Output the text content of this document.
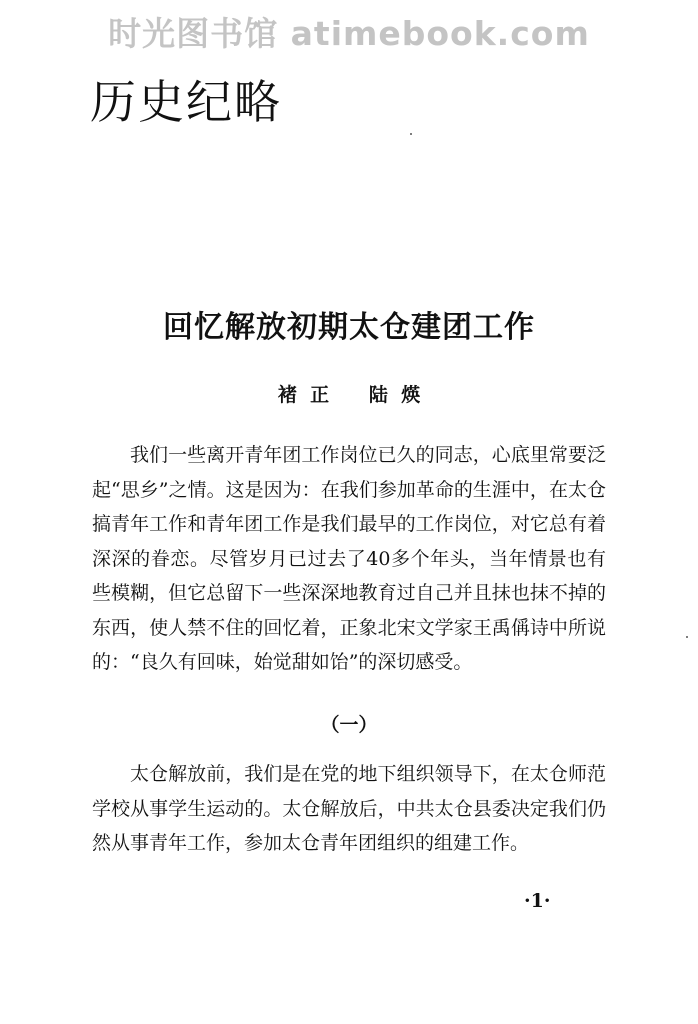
时光图书馆 atimebook.com
历史纪略
回忆解放初期太仓建团工作
褚  正      陆  煐

我们一些离开青年团工作岗位已久的同志，心底里常要泛起“思乡”之情。这是因为：在我们参加革命的生涯中，在太仓搞青年工作和青年团工作是我们最早的工作岗位，对它总有着深深的眷恋。尽管岁月已过去了40多个年头，当年情景也有些模糊，但它总留下一些深深地教育过自己并且抹也抹不掉的东西，使人禁不住的回忆着，正象北宋文学家王禹偁诗中所说的：“良久有回味，始觉甜如饴”的深切感受。

（一）

太仓解放前，我们是在党的地下组织领导下，在太仓师范学校从事学生运动的。太仓解放后，中共太仓县委决定我们仍然从事青年工作，参加太仓青年团组织的组建工作。

·1·
